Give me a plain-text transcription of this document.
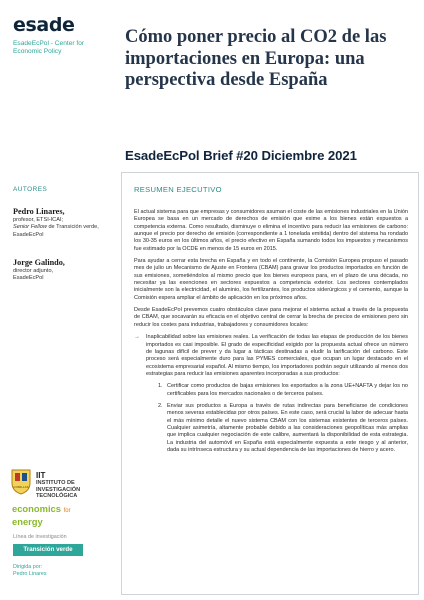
esade
EsadeEcPol - Center for Economic Policy
AUTORES
Pedro Linares,
profesor, ETSI-ICAI;
Senior Fellow de Transición verde, EsadeEcPol
Jorge Galindo,
director adjunto,
EsadeEcPol
COMILLAS
IIT
INSTITUTO DE
INVESTIGACIÓN
TECNOLÓGICA
economics for
energy
Línea de investigación
Transición verde
Dirigida por:
Pedro Linares
Cómo poner precio al CO2 de las importaciones en Europa: una perspectiva desde España
EsadeEcPol Brief #20 Diciembre 2021
RESUMEN EJECUTIVO

El actual sistema para que empresas y consumidores asuman el coste de las emisiones industriales en la Unión Europea se basa en un mercado de derechos de emisión que exime a los bienes están expuestos a competencia externa. Como resultado, disminuye o elimina el incentivo para reducir las emisiones de carbono: aunque el precio por derecho de emisión (correspondiente a 1 tonelada emitida) dentro del sistema ha rondado los 30-35 euros en los últimos años, el precio efectivo en España sumando todos los impuestos y mecanismos fue estimado por la OCDE en menos de 15 euros en 2015.

Para ayudar a cerrar esta brecha en España y en todo el continente, la Comisión Europea propuso el pasado mes de julio un Mecanismo de Ajuste en Frontera (CBAM) para gravar los productos importados en función de sus emisiones, sometiéndolos al mismo precio que los bienes europeos para, en el plazo de una década, no necesitar ya las exenciones en sectores expuestos a competencia exterior. Los sectores contemplados inicialmente son la electricidad, el aluminio, los fertilizantes, los productos siderúrgicos y el cemento, aunque la Comisión espera ampliar el ámbito de aplicación en los próximos años.

Desde EsadeEcPol prevemos cuatro obstáculos clave para mejorar el sistema actual a través de la propuesta de CBAM, que socavarán su eficacia en el objetivo central de cerrar la brecha de precios de emisiones pero sin reducir los costes para industrias, trabajadores y consumidores locales:

→ Inaplicabilidad sobre las emisiones reales. La verificación de todas las etapas de producción de los bienes importados es casi imposible. El grado de especificidad exigido por la propuesta actual ofrece un número de lagunas difícil de prever y da lugar a tácticas destinadas a eludir la tarificación del carbono. Este proceso será especialmente duro para las PYMES comerciales, que ocupan un lugar destacado en el ecosistema empresarial español. Al mismo tiempo, los importadores podrán seguir utilizando al menos dos estrategias para reducir las emisiones aparentes incorporadas a sus productos:

1. Certificar como productos de bajas emisiones los exportados a la zona UE+NAFTA y dejar los no certificables para los mercados nacionales o de terceros países.

2. Enviar sus productos a Europa a través de rutas indirectas para beneficiarse de condiciones menos severas establecidas por otros países. En este caso, será crucial la labor de adecuar hasta el más mínimo detalle el nuevo sistema CBAM con los sistemas existentes de terceros países. Cualquier asimetría, altamente probable debido a las consideraciones geopolíticas más amplias que implica cualquier negociación de este calibre, aumentará la disponibilidad de esta estrategia. La industria del automóvil en España está especialmente expuesta a este riesgo y al anterior, dada su intrínseca estructura y su actual dependencia de las importaciones de hierro y acero.
